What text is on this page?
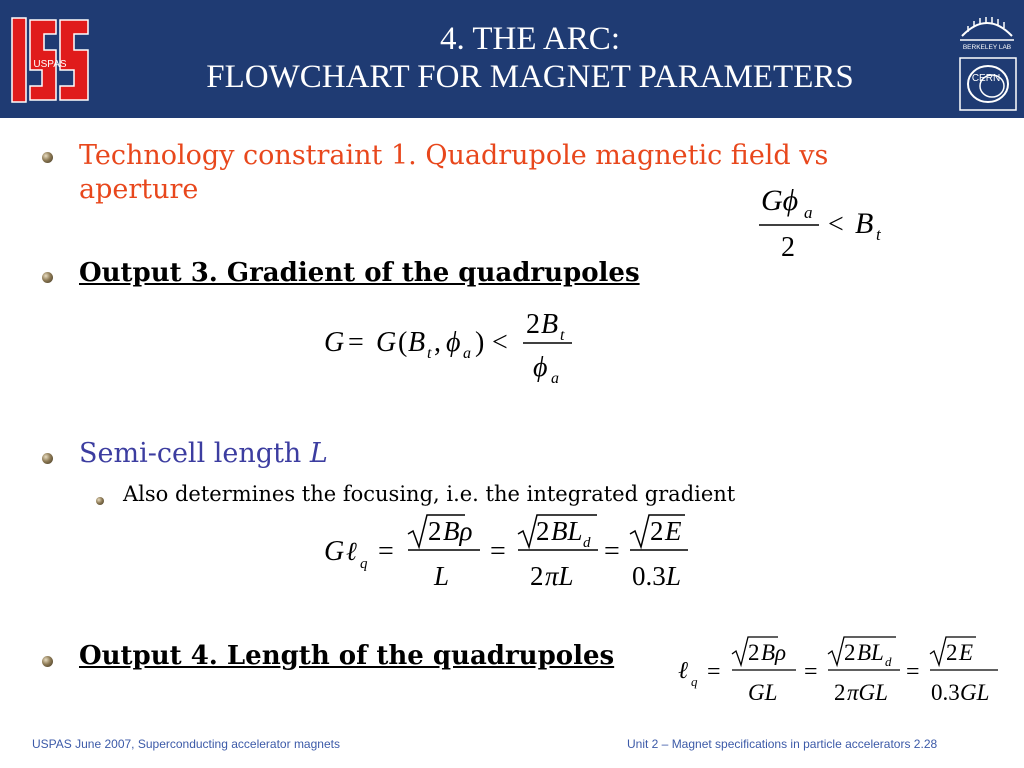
USPAS
4. THE ARC:
FLOWCHART FOR MAGNET PARAMETERS
BERKELEY LAB
CERN
Technology constraint 1. Quadrupole magnetic field vs aperture	Gϕ a
2
< B t
Output 3. Gradient of the quadrupoles
G = G ( B t , ϕ a ) <
2 B t
ϕ a
Semi-cell length L
Also determines the focusing, i.e. the integrated gradient
G ℓ q =
2 Bρ
L
=
2 BL d
2 πL
=
2 E
0.3 L
Output 4. Length of the quadrupoles	ℓ q =
2 Bρ
GL
=
2 BL d
2 πGL
=
2 E
0.3 GL
USPAS June 2007, Superconducting accelerator magnets	Unit 2 – Magnet specifications in particle accelerators 2.28
